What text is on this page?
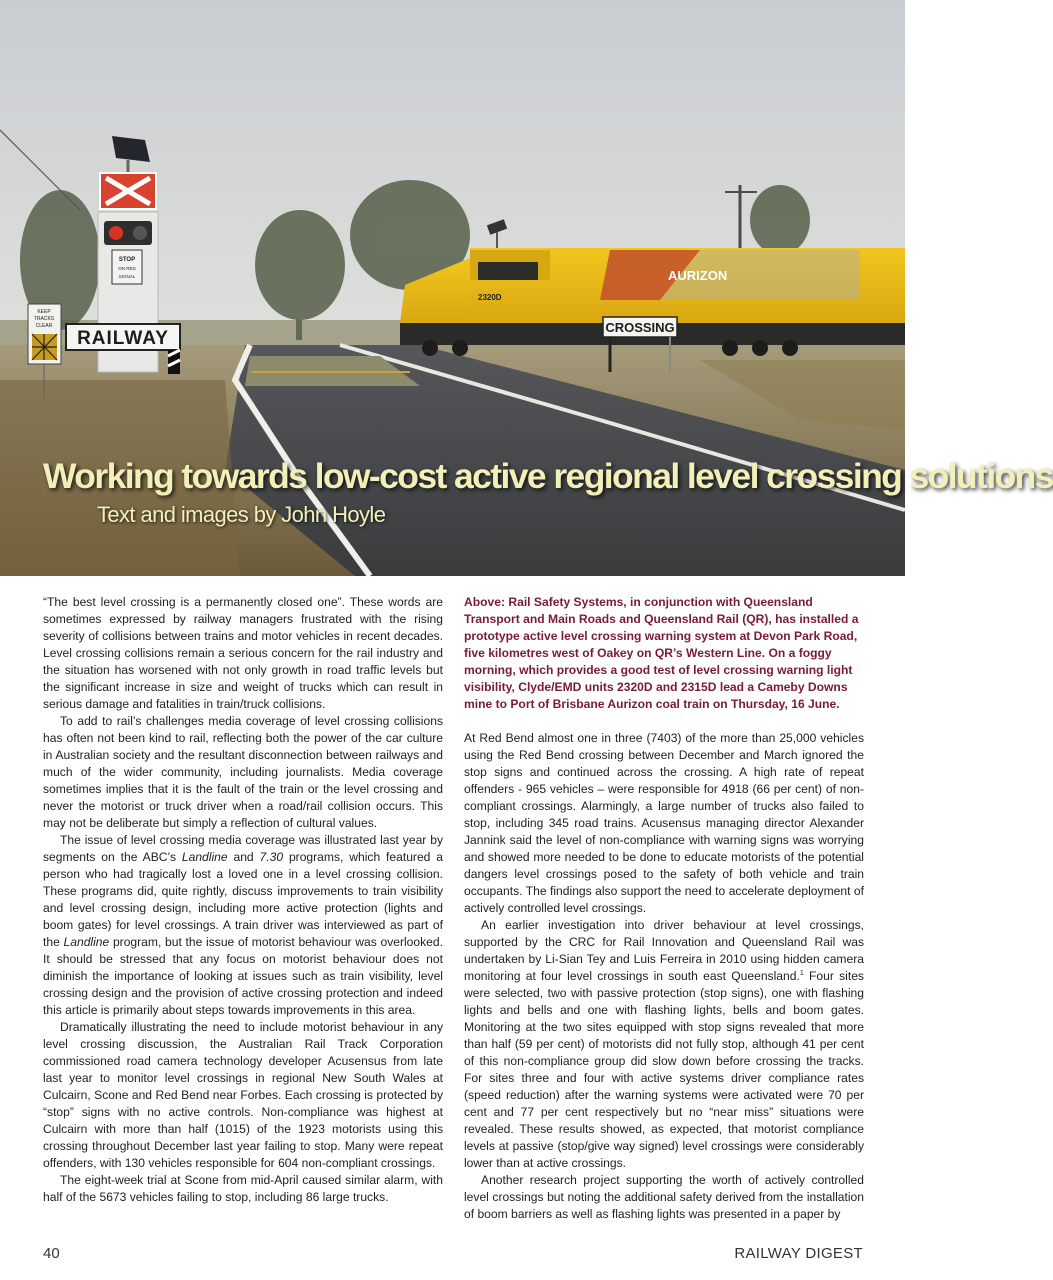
AURIZON
2320D
STOP
ON RED
SIGNAL
KEEP
TRACKS
CLEAR
RAILWAY
CROSSING
Working towards low-cost active regional level crossing solutions
Text and images by John Hoyle

“The best level crossing is a permanently closed one”. These words are sometimes expressed by railway managers frustrated with the rising severity of collisions between trains and motor vehicles in recent decades. Level crossing collisions remain a serious concern for the rail industry and the situation has worsened with not only growth in road traffic levels but the significant increase in size and weight of trucks which can result in serious damage and fatalities in train/truck collisions.

To add to rail’s challenges media coverage of level crossing collisions has often not been kind to rail, reflecting both the power of the car culture in Australian society and the resultant disconnection between railways and much of the wider community, including journalists. Media coverage sometimes implies that it is the fault of the train or the level crossing and never the motorist or truck driver when a road/rail collision occurs. This may not be deliberate but simply a reflection of cultural values.

The issue of level crossing media coverage was illustrated last year by segments on the ABC’s Landline and 7.30 programs, which featured a person who had tragically lost a loved one in a level crossing collision. These programs did, quite rightly, discuss improvements to train visibility and level crossing design, including more active protection (lights and boom gates) for level crossings. A train driver was interviewed as part of the Landline program, but the issue of motorist behaviour was overlooked. It should be stressed that any focus on motorist behaviour does not diminish the importance of looking at issues such as train visibility, level crossing design and the provision of active crossing protection and indeed this article is primarily about steps towards improvements in this area.

Dramatically illustrating the need to include motorist behaviour in any level crossing discussion, the Australian Rail Track Corporation commissioned road camera technology developer Acusensus from late last year to monitor level crossings in regional New South Wales at Culcairn, Scone and Red Bend near Forbes. Each crossing is protected by “stop” signs with no active controls. Non-compliance was highest at Culcairn with more than half (1015) of the 1923 motorists using this crossing throughout December last year failing to stop. Many were repeat offenders, with 130 vehicles responsible for 604 non-compliant crossings.

The eight-week trial at Scone from mid-April caused similar alarm, with half of the 5673 vehicles failing to stop, including 86 large trucks.

Above: Rail Safety Systems, in conjunction with Queensland Transport and Main Roads and Queensland Rail (QR), has installed a prototype active level crossing warning system at Devon Park Road, five kilometres west of Oakey on QR’s Western Line. On a foggy morning, which provides a good test of level crossing warning light visibility, Clyde/EMD units 2320D and 2315D lead a Cameby Downs mine to Port of Brisbane Aurizon coal train on Thursday, 16 June.

At Red Bend almost one in three (7403) of the more than 25,000 vehicles using the Red Bend crossing between December and March ignored the stop signs and continued across the crossing. A high rate of repeat offenders - 965 vehicles – were responsible for 4918 (66 per cent) of non-compliant crossings. Alarmingly, a large number of trucks also failed to stop, including 345 road trains. Acusensus managing director Alexander Jannink said the level of non-compliance with warning signs was worrying and showed more needed to be done to educate motorists of the potential dangers level crossings posed to the safety of both vehicle and train occupants. The findings also support the need to accelerate deployment of actively controlled level crossings.

An earlier investigation into driver behaviour at level crossings, supported by the CRC for Rail Innovation and Queensland Rail was undertaken by Li-Sian Tey and Luis Ferreira in 2010 using hidden camera monitoring at four level crossings in south east Queensland.$^1$ Four sites were selected, two with passive protection (stop signs), one with flashing lights and bells and one with flashing lights, bells and boom gates. Monitoring at the two sites equipped with stop signs revealed that more than half (59 per cent) of motorists did not fully stop, although 41 per cent of this non-compliance group did slow down before crossing the tracks. For sites three and four with active systems driver compliance rates (speed reduction) after the warning systems were activated were 70 per cent and 77 per cent respectively but no “near miss” situations were revealed. These results showed, as expected, that motorist compliance levels at passive (stop/give way signed) level crossings were considerably lower than at active crossings.

Another research project supporting the worth of actively controlled level crossings but noting the additional safety derived from the installation of boom barriers as well as flashing lights was presented in a paper by

40	RAILWAY DIGEST
